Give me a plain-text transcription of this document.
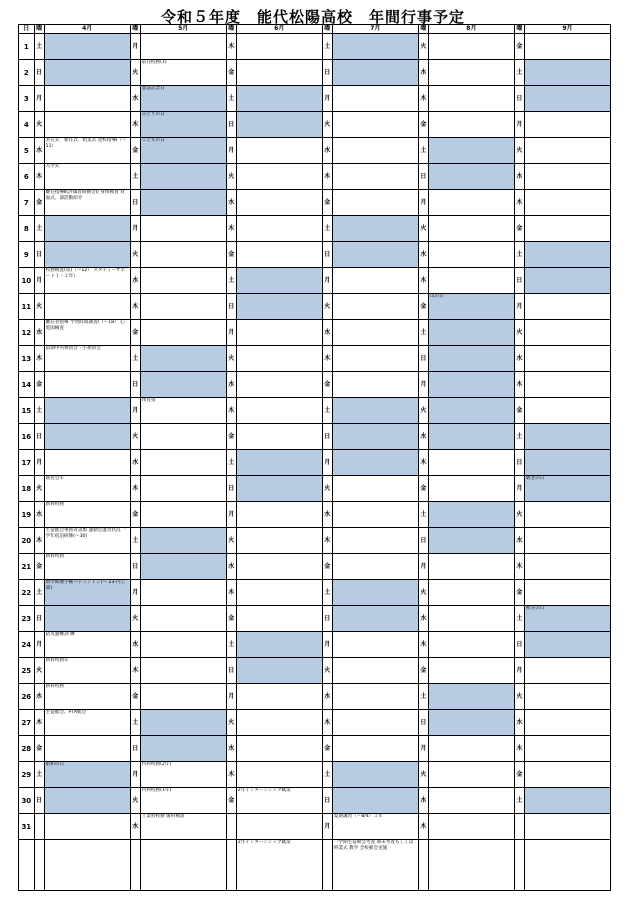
令和５年度　能代松陽高校　年間行事予定
日	曜	4月	曜	5月	曜	6月	曜	7月	曜	8月	曜	9月
1	土		月		木		土		火		金	
2	日		火	前任校務(1)	金		日		水		土	
3	月		水	憲法記念日	土		月		木		日	
4	火		木	みどりの日	日		火		金		月	
5	水	者任式　新任式　始業式 登校指導Ⅰ（～11）	金	こどもの日	月		水		土		火	
6	木	入学式	土		火		木		日		水	
7	金	離任指導Ⅱ(評価者研修会Ⅰ) 身体検査 対面式、部活動紹介	日		水		金		月		木	
8	土		月		木		土		火		金	
9	日		火		金		日		水		土	
10	月	校務検査(尿)（～12） スタディーサポート１・２年）	水		土		月		木		日	
11	火		木		日		火		金	山の日	月	
12	水	離任者指導 学習時間調査Ⅰ（～18） 心電図検査	金		月		水		土		火	
13	木	前期中央委員会・小委員会	土		火		木		日		水	
14	金		日		水		金		月		木	
15	土		月	体育祭	木		土		火		金	
16	日		火		金		日		水		土	
17	月		水		土		月		木		日	
18	火	既役会①	木		日		火		金		月	敬老の日
19	水	新科校務	金		月		水		土		火	
20	木	生徒総会事務者書類 運動会運営状況 一学年宿泊研修(～30)	土		火		木		日		水	
21	金	新科校務	日		水		金		月		木	
22	土	新学期選手権バドミントン(～ 23-内上部)	月		木		土		火		金	
23	日		火		金		日		水		土	秋分の日
24	月	防災避難訓 練	水		土		月		木		日	
25	火	新科校務①	木		日		火		金		月	
26	水	新科校務	金		月		水		土		火	
27	木	生徒総会、PTA総会	土		火		木		日		水	
28	金		日		水		金		月		木	
29	土	昭和の日	月	内科校務(2年)	木		土		火		金	
30	日		火	内科校務(1年)	金	2年インターンシップ職業	日		水		土	
31			水	工業科校務 歯科検診			月	夏期講習（～8/4）３年	木			
						2年インターンシップ職業		一学期生徒朝会考査 期末考査もしくは終業式 教学 全校朝会実施				
